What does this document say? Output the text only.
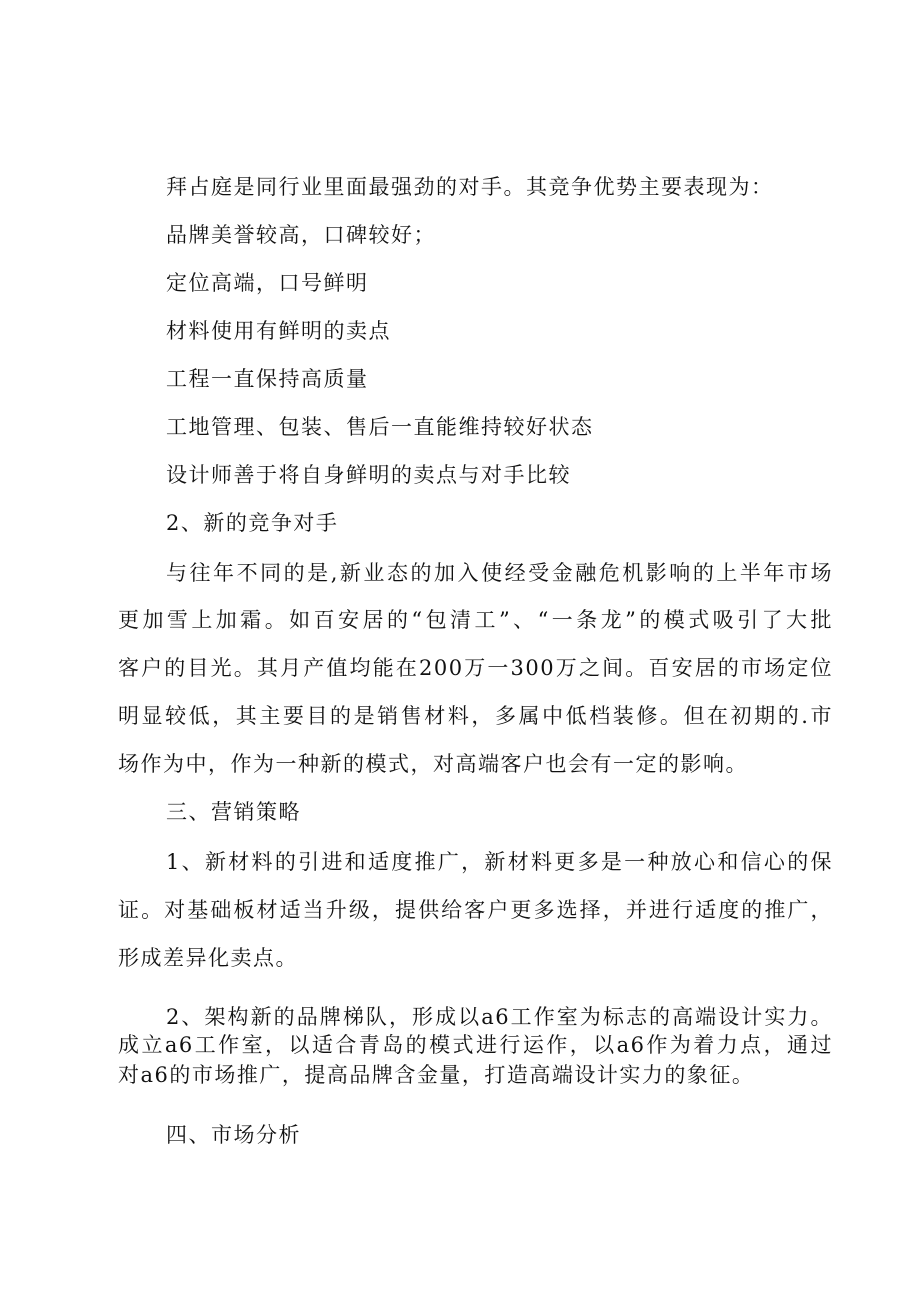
拜占庭是同行业里面最强劲的对手。其竞争优势主要表现为：
品牌美誉较高，口碑较好；
定位高端，口号鲜明
材料使用有鲜明的卖点
工程一直保持高质量
工地管理、包装、售后一直能维持较好状态
设计师善于将自身鲜明的卖点与对手比较
2、新的竞争对手
与往年不同的是,新业态的加入使经受金融危机影响的上半年市场
更加雪上加霜。如百安居的“包清工”、“一条龙”的模式吸引了大批
客户的目光。其月产值均能在200万一300万之间。百安居的市场定位
明显较低，其主要目的是销售材料，多属中低档装修。但在初期的.市
场作为中，作为一种新的模式，对高端客户也会有一定的影响。
三、营销策略
1、新材料的引进和适度推广，新材料更多是一种放心和信心的保
证。对基础板材适当升级，提供给客户更多选择，并进行适度的推广，
形成差异化卖点。
2、架构新的品牌梯队，形成以a6工作室为标志的高端设计实力。
成立a6工作室，以适合青岛的模式进行运作，以a6作为着力点，通过
对a6的市场推广，提高品牌含金量，打造高端设计实力的象征。
四、市场分析
